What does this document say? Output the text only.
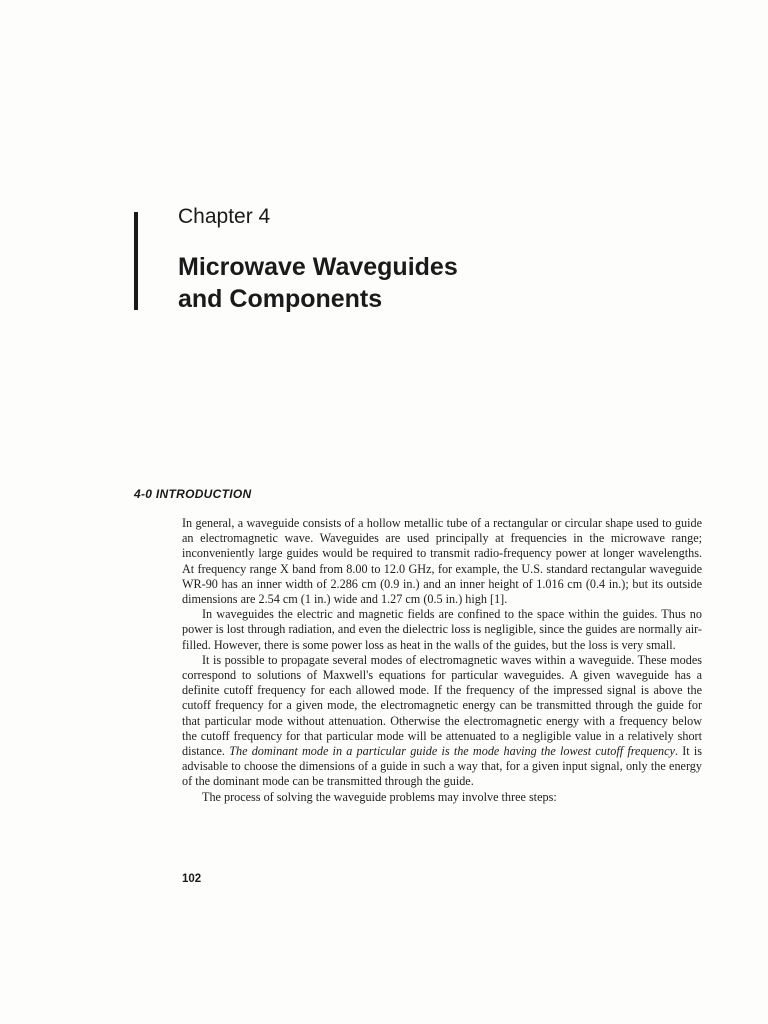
Chapter 4
Microwave Waveguides
and Components
4-0 INTRODUCTION

In general, a waveguide consists of a hollow metallic tube of a rectangular or circular shape used to guide an electromagnetic wave. Waveguides are used principally at frequencies in the microwave range; inconveniently large guides would be required to transmit radio-frequency power at longer wavelengths. At frequency range X band from 8.00 to 12.0 GHz, for example, the U.S. standard rectangular waveguide WR-90 has an inner width of 2.286 cm (0.9 in.) and an inner height of 1.016 cm (0.4 in.); but its outside dimensions are 2.54 cm (1 in.) wide and 1.27 cm (0.5 in.) high [1].

In waveguides the electric and magnetic fields are confined to the space within the guides. Thus no power is lost through radiation, and even the dielectric loss is negligible, since the guides are normally air-filled. However, there is some power loss as heat in the walls of the guides, but the loss is very small.

It is possible to propagate several modes of electromagnetic waves within a waveguide. These modes correspond to solutions of Maxwell's equations for particular waveguides. A given waveguide has a definite cutoff frequency for each allowed mode. If the frequency of the impressed signal is above the cutoff frequency for a given mode, the electromagnetic energy can be transmitted through the guide for that particular mode without attenuation. Otherwise the electromagnetic energy with a frequency below the cutoff frequency for that particular mode will be attenuated to a negligible value in a relatively short distance. The dominant mode in a particular guide is the mode having the lowest cutoff frequency. It is advisable to choose the dimensions of a guide in such a way that, for a given input signal, only the energy of the dominant mode can be transmitted through the guide.

The process of solving the waveguide problems may involve three steps:

102
